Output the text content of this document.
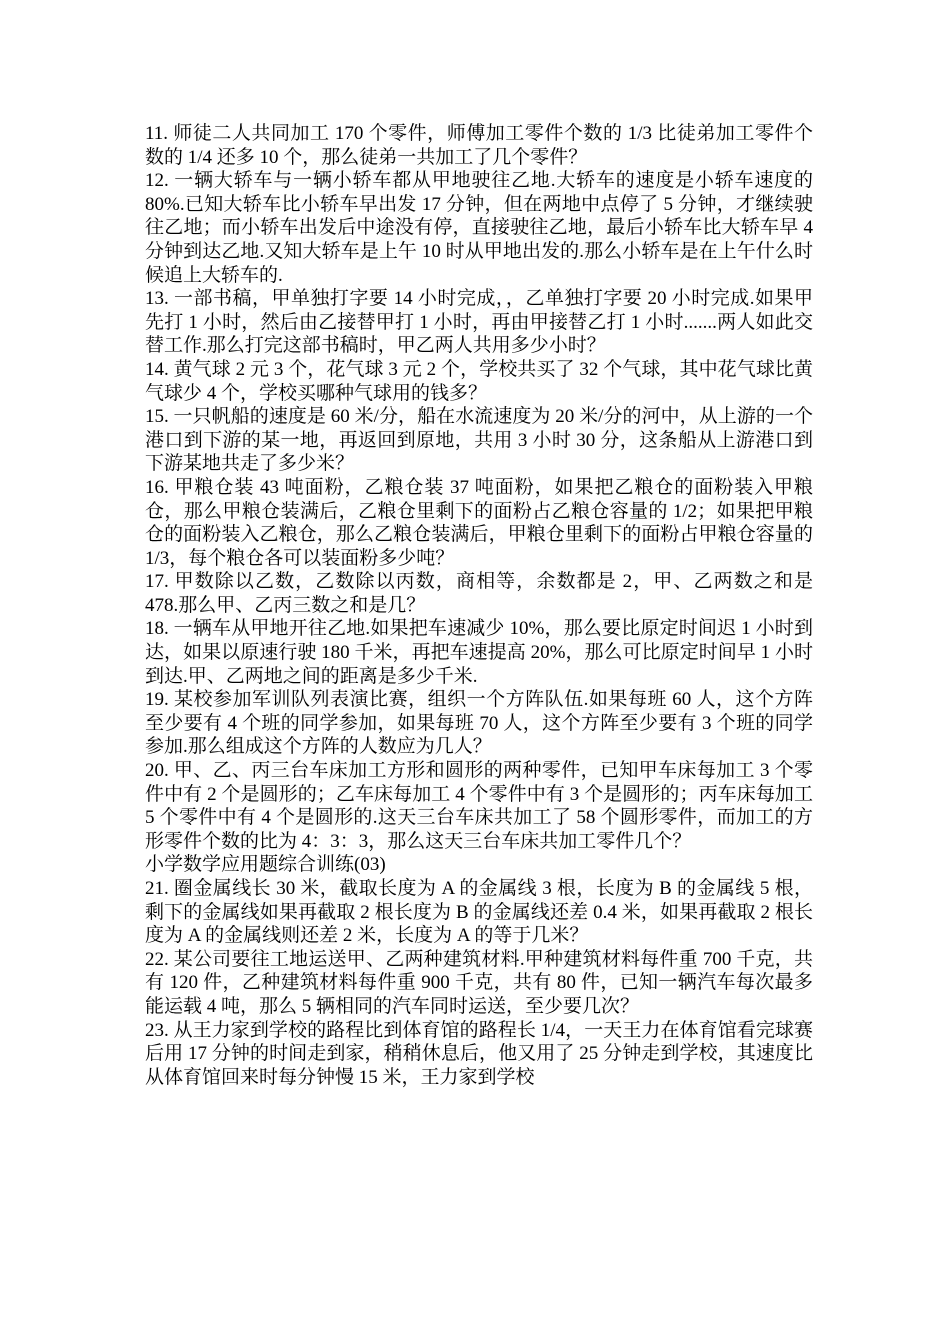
11. 师徒二人共同加工 170 个零件，师傅加工零件个数的 1/3 比徒弟加工零件个数的 1/4 还多 10 个，那么徒弟一共加工了几个零件？

12. 一辆大轿车与一辆小轿车都从甲地驶往乙地.大轿车的速度是小轿车速度的 80%.已知大轿车比小轿车早出发 17 分钟，但在两地中点停了 5 分钟，才继续驶往乙地；而小轿车出发后中途没有停，直接驶往乙地，最后小轿车比大轿车早 4 分钟到达乙地.又知大轿车是上午 10 时从甲地出发的.那么小轿车是在上午什么时候追上大轿车的.

13. 一部书稿，甲单独打字要 14 小时完成，，乙单独打字要 20 小时完成.如果甲先打 1 小时，然后由乙接替甲打 1 小时，再由甲接替乙打 1 小时.......两人如此交替工作.那么打完这部书稿时，甲乙两人共用多少小时？

14. 黄气球 2 元 3 个，花气球 3 元 2 个，学校共买了 32 个气球，其中花气球比黄气球少 4 个，学校买哪种气球用的钱多？

15. 一只帆船的速度是 60 米/分，船在水流速度为 20 米/分的河中，从上游的一个港口到下游的某一地，再返回到原地，共用 3 小时 30 分，这条船从上游港口到下游某地共走了多少米？

16. 甲粮仓装 43 吨面粉，乙粮仓装 37 吨面粉，如果把乙粮仓的面粉装入甲粮仓，那么甲粮仓装满后，乙粮仓里剩下的面粉占乙粮仓容量的 1/2；如果把甲粮仓的面粉装入乙粮仓，那么乙粮仓装满后，甲粮仓里剩下的面粉占甲粮仓容量的 1/3，每个粮仓各可以装面粉多少吨？

17. 甲数除以乙数，乙数除以丙数，商相等，余数都是 2，甲、乙两数之和是 478.那么甲、乙丙三数之和是几？

18. 一辆车从甲地开往乙地.如果把车速减少 10%，那么要比原定时间迟 1 小时到达，如果以原速行驶 180 千米，再把车速提高 20%，那么可比原定时间早 1 小时到达.甲、乙两地之间的距离是多少千米.

19. 某校参加军训队列表演比赛，组织一个方阵队伍.如果每班 60 人，这个方阵至少要有 4 个班的同学参加，如果每班 70 人，这个方阵至少要有 3 个班的同学参加.那么组成这个方阵的人数应为几人？

20. 甲、乙、丙三台车床加工方形和圆形的两种零件，已知甲车床每加工 3 个零件中有 2 个是圆形的；乙车床每加工 4 个零件中有 3 个是圆形的；丙车床每加工 5 个零件中有 4 个是圆形的.这天三台车床共加工了 58 个圆形零件，而加工的方形零件个数的比为 4：3：3，那么这天三台车床共加工零件几个？

小学数学应用题综合训练(03)

21. 圈金属线长 30 米，截取长度为 A 的金属线 3 根，长度为 B 的金属线 5 根，剩下的金属线如果再截取 2 根长度为 B 的金属线还差 0.4 米，如果再截取 2 根长度为 A 的金属线则还差 2 米，长度为 A 的等于几米？

22. 某公司要往工地运送甲、乙两种建筑材料.甲种建筑材料每件重 700 千克，共有 120 件，乙种建筑材料每件重 900 千克，共有 80 件，已知一辆汽车每次最多能运载 4 吨，那么 5 辆相同的汽车同时运送，至少要几次？

23. 从王力家到学校的路程比到体育馆的路程长 1/4，一天王力在体育馆看完球赛后用 17 分钟的时间走到家，稍稍休息后，他又用了 25 分钟走到学校，其速度比从体育馆回来时每分钟慢 15 米，王力家到学校
